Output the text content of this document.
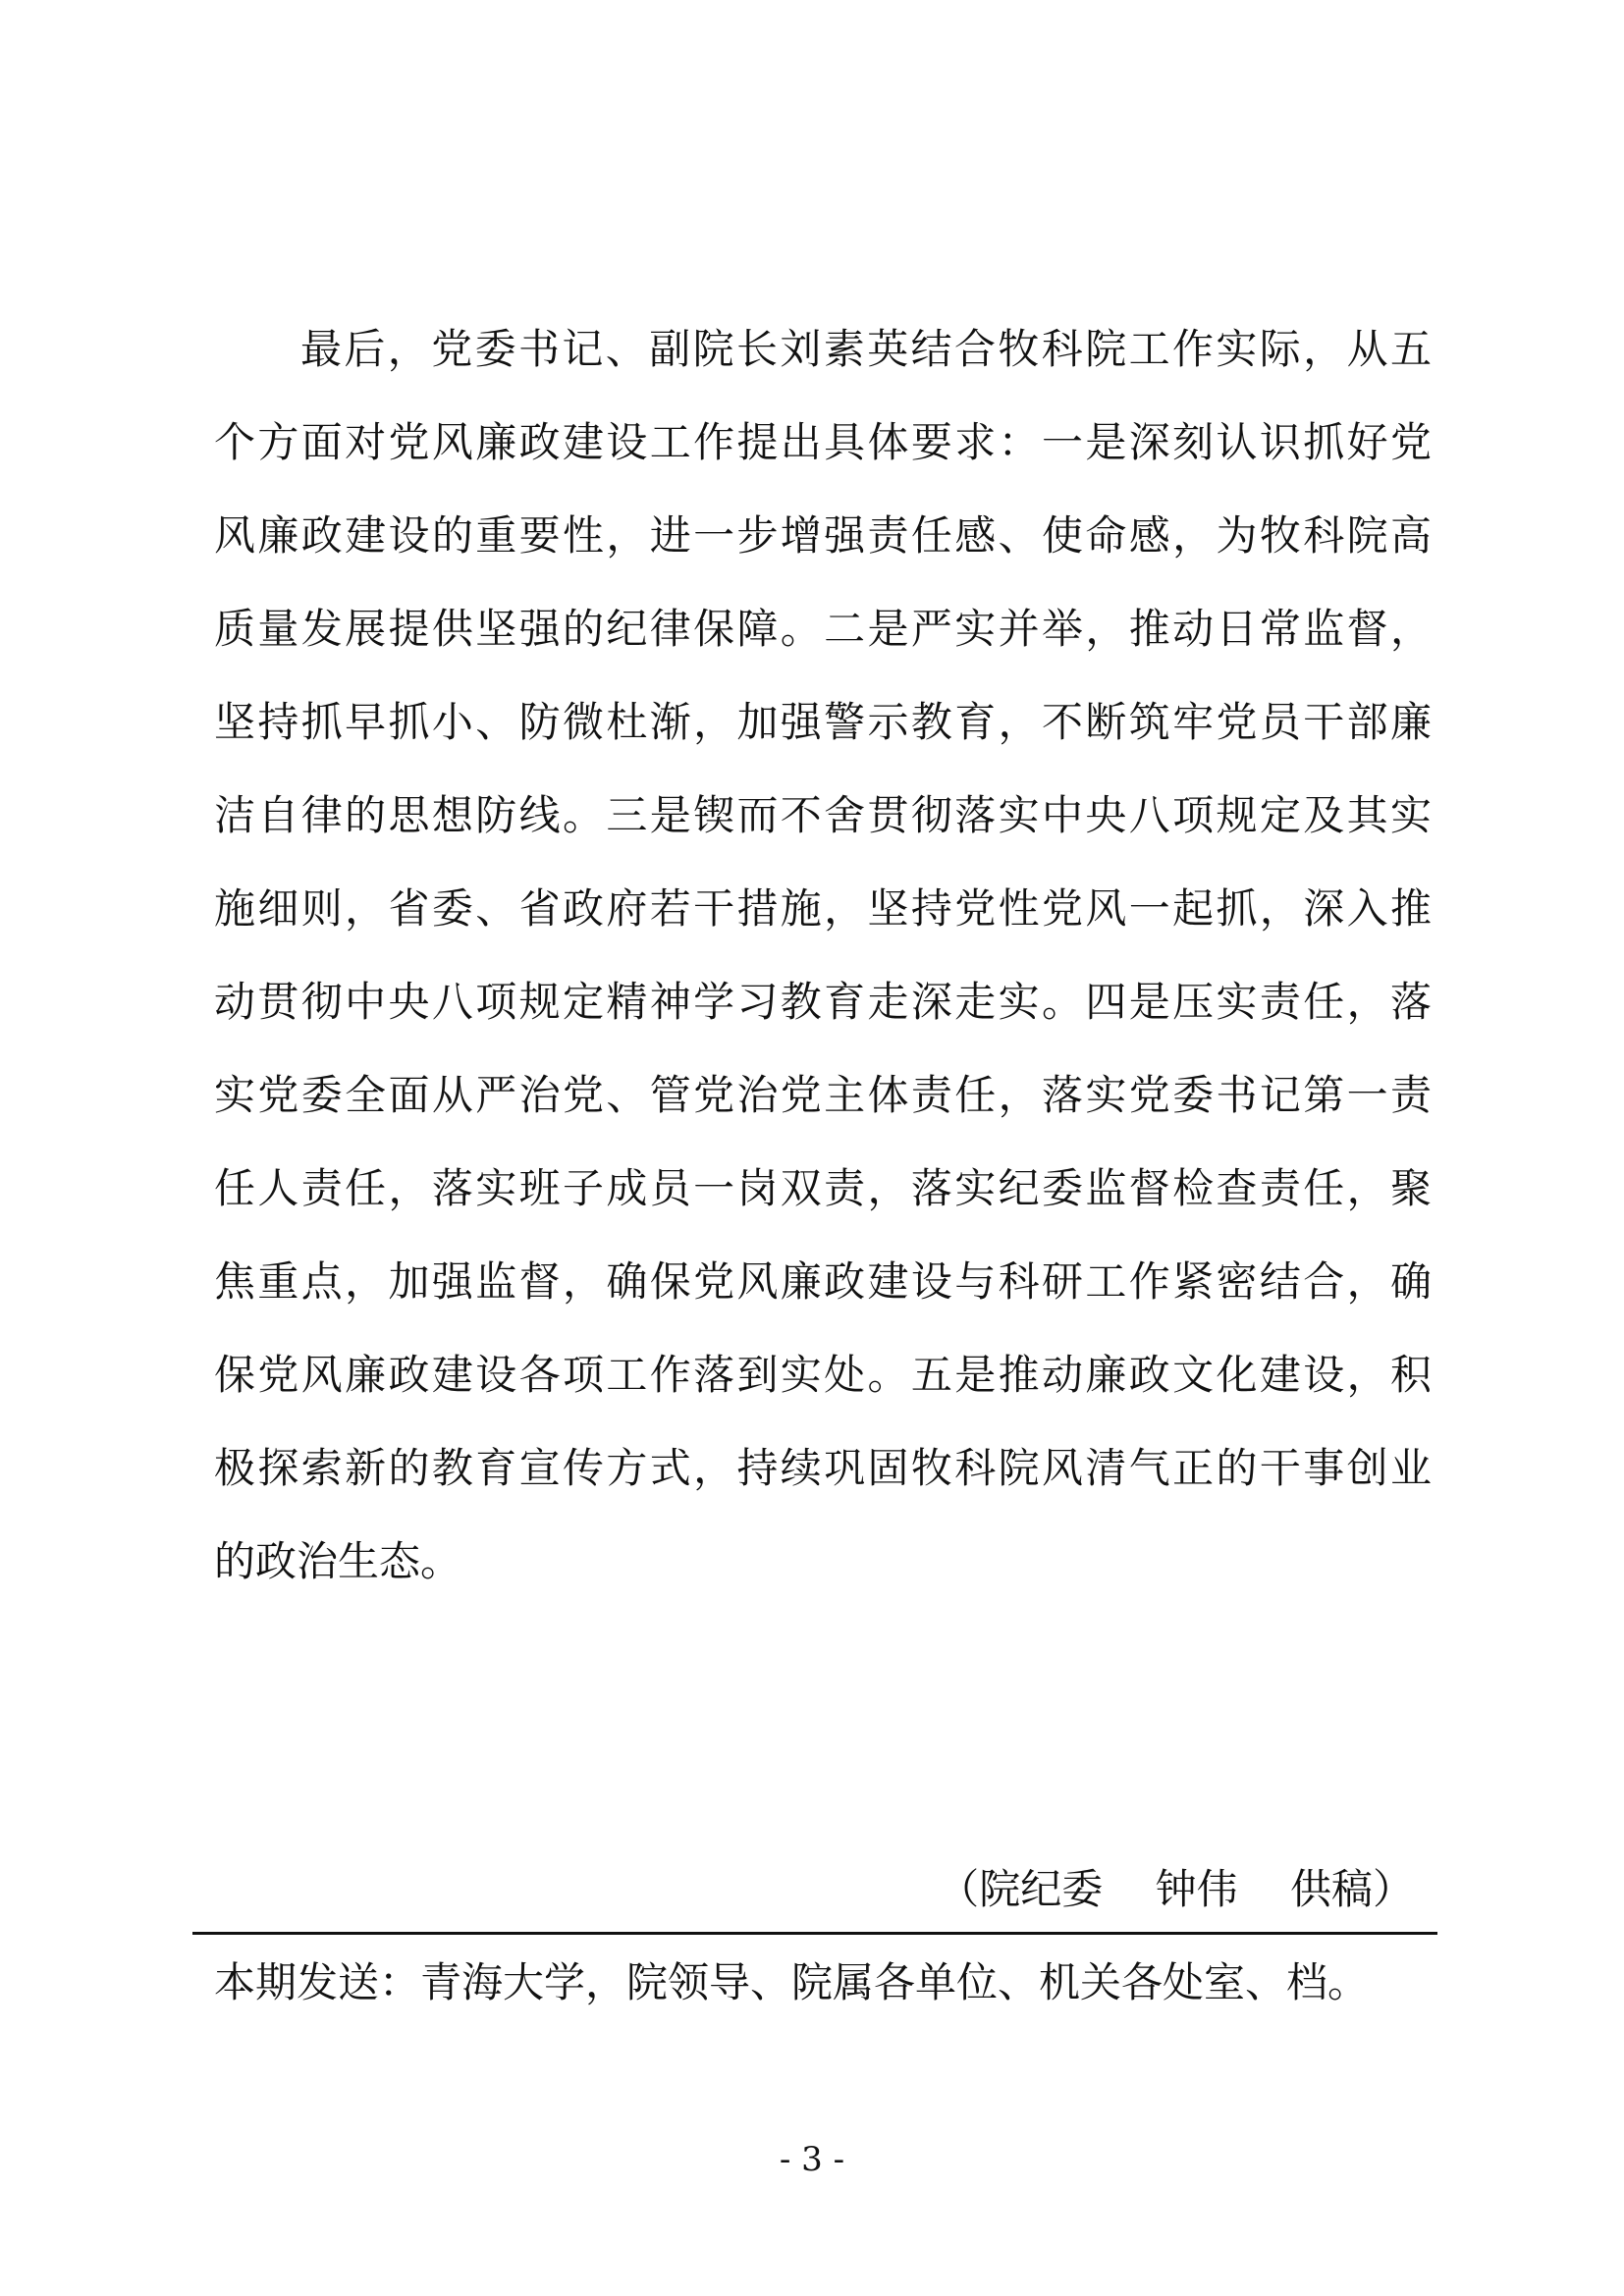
最后，党委书记、副院长刘素英结合牧科院工作实际，从五
个方面对党风廉政建设工作提出具体要求：一是深刻认识抓好党
风廉政建设的重要性，进一步增强责任感、使命感，为牧科院高
质量发展提供坚强的纪律保障。二是严实并举，推动日常监督，
坚持抓早抓小、防微杜渐，加强警示教育，不断筑牢党员干部廉
洁自律的思想防线。三是锲而不舍贯彻落实中央八项规定及其实
施细则，省委、省政府若干措施，坚持党性党风一起抓，深入推
动贯彻中央八项规定精神学习教育走深走实。四是压实责任，落
实党委全面从严治党、管党治党主体责任，落实党委书记第一责
任人责任，落实班子成员一岗双责，落实纪委监督检查责任，聚
焦重点，加强监督，确保党风廉政建设与科研工作紧密结合，确
保党风廉政建设各项工作落到实处。五是推动廉政文化建设，积
极探索新的教育宣传方式，持续巩固牧科院风清气正的干事创业
的政治生态。
（院纪委    钟伟    供稿）
本期发送：青海大学，院领导、院属各单位、机关各处室、档。
- 3 -
